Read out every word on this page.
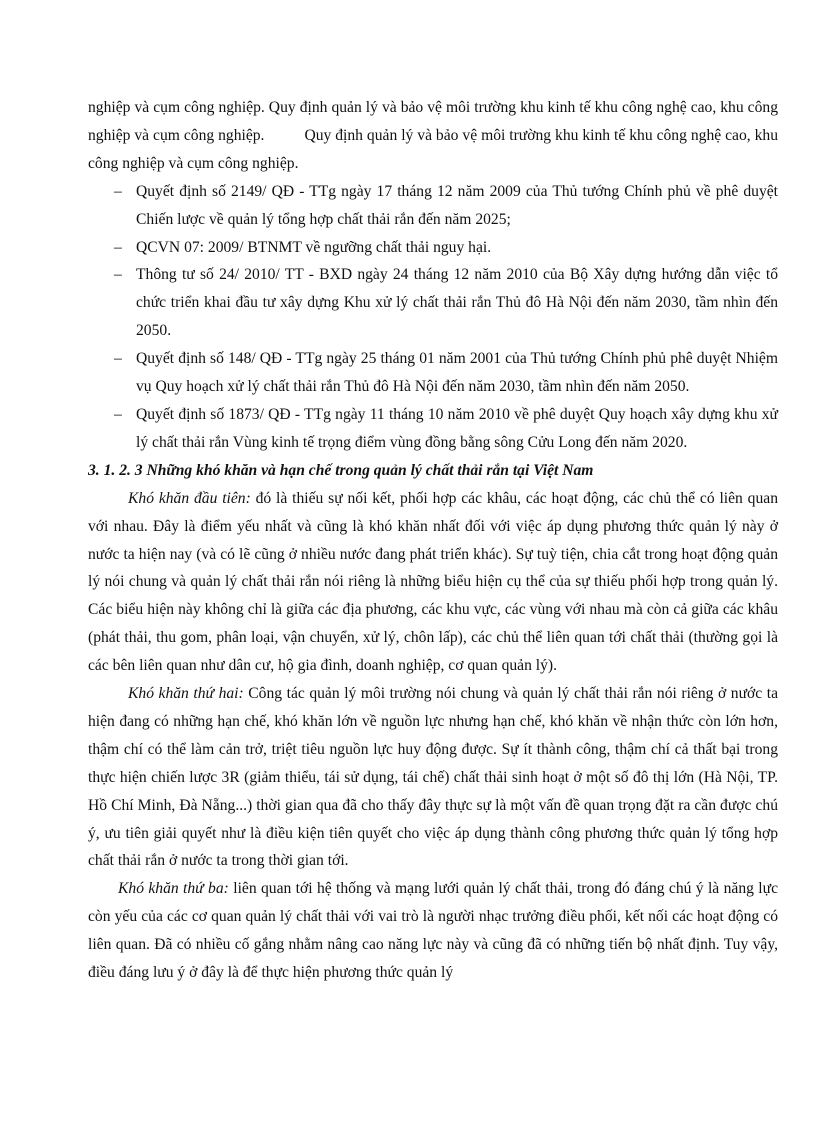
nghiệp và cụm công nghiệp. Quy định quản lý và bảo vệ môi trường khu kinh tế khu công nghệ cao, khu công nghiệp và cụm công nghiệp.	Quy định quản lý và bảo vệ môi trường khu kinh tế khu công nghệ cao, khu công nghiệp và cụm công nghiệp.

– Quyết định số 2149/ QĐ - TTg ngày 17 tháng 12 năm 2009 của Thủ tướng Chính phủ về phê duyệt Chiến lược về quản lý tổng hợp chất thải rắn đến năm 2025;
– QCVN 07: 2009/ BTNMT về ngưỡng chất thải nguy hại.
– Thông tư số 24/ 2010/ TT - BXD ngày 24 tháng 12 năm 2010 của Bộ Xây dựng hướng dẫn việc tổ chức triển khai đầu tư xây dựng Khu xử lý chất thải rắn Thủ đô Hà Nội đến năm 2030, tầm nhìn đến 2050.
– Quyết định số 148/ QĐ - TTg ngày 25 tháng 01 năm 2001 của Thủ tướng Chính phủ phê duyệt Nhiệm vụ Quy hoạch xử lý chất thải rắn Thủ đô Hà Nội đến năm 2030, tầm nhìn đến năm 2050.
– Quyết định số 1873/ QĐ - TTg ngày 11 tháng 10 năm 2010 về phê duyệt Quy hoạch xây dựng khu xử lý chất thải rắn Vùng kinh tế trọng điểm vùng đồng bằng sông Cửu Long đến năm 2020.

3. 1. 2. 3 Những khó khăn và hạn chế trong quản lý chất thải rắn tại Việt Nam

Khó khăn đầu tiên: đó là thiếu sự nối kết, phối hợp các khâu, các hoạt động, các chủ thể có liên quan với nhau. Đây là điểm yếu nhất và cũng là khó khăn nhất đối với việc áp dụng phương thức quản lý này ở nước ta hiện nay (và có lẽ cũng ở nhiều nước đang phát triển khác). Sự tuỳ tiện, chia cắt trong hoạt động quản lý nói chung và quản lý chất thải rắn nói riêng là những biểu hiện cụ thể của sự thiếu phối hợp trong quản lý. Các biểu hiện này không chỉ là giữa các địa phương, các khu vực, các vùng với nhau mà còn cả giữa các khâu (phát thải, thu gom, phân loại, vận chuyển, xử lý, chôn lấp), các chủ thể liên quan tới chất thải (thường gọi là các bên liên quan như dân cư, hộ gia đình, doanh nghiệp, cơ quan quản lý).

Khó khăn thứ hai: Công tác quản lý môi trường nói chung và quản lý chất thải rắn nói riêng ở nước ta hiện đang có những hạn chế, khó khăn lớn về nguồn lực nhưng hạn chế, khó khăn về nhận thức còn lớn hơn, thậm chí có thể làm cản trở, triệt tiêu nguồn lực huy động được. Sự ít thành công, thậm chí cả thất bại trong thực hiện chiến lược 3R (giảm thiểu, tái sử dụng, tái chế) chất thải sinh hoạt ở một số đô thị lớn (Hà Nội, TP. Hồ Chí Minh, Đà Nẵng...) thời gian qua đã cho thấy đây thực sự là một vấn đề quan trọng đặt ra cần được chú ý, ưu tiên giải quyết như là điều kiện tiên quyết cho việc áp dụng thành công phương thức quản lý tổng hợp chất thải rắn ở nước ta trong thời gian tới.

Khó khăn thứ ba: liên quan tới hệ thống và mạng lưới quản lý chất thải, trong đó đáng chú ý là năng lực còn yếu của các cơ quan quản lý chất thải với vai trò là người nhạc trưởng điều phối, kết nối các hoạt động có liên quan. Đã có nhiều cố gắng nhằm nâng cao năng lực này và cũng đã có những tiến bộ nhất định. Tuy vậy, điều đáng lưu ý ở đây là để thực hiện phương thức quản lý
